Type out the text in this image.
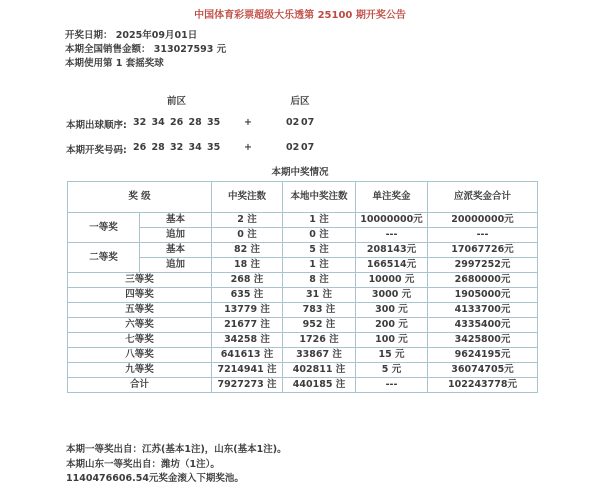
中国体育彩票超级大乐透第 25100 期开奖公告
开奖日期： 2025年09月01日
本期全国销售金额： 313027593 元
本期使用第 1 套摇奖球
前区	后区
本期出球顺序: 32 34 26 28 35	+	02 07
本期开奖号码: 26 28 32 34 35	+	02 07
本期中奖情况
奖 级		中奖注数	本地中奖注数	单注奖金	应派奖金合计
一等奖	基本	2 注	1 注	10000000元	20000000元
	追加	0 注	0 注	---	---
二等奖	基本	82 注	5 注	208143元	17067726元
	追加	18 注	1 注	166514元	2997252元
三等奖		268 注	8 注	10000 元	2680000元
四等奖		635 注	31 注	3000 元	1905000元
五等奖		13779 注	783 注	300 元	4133700元
六等奖		21677 注	952 注	200 元	4335400元
七等奖		34258 注	1726 注	100 元	3425800元
八等奖		641613 注	33867 注	15 元	9624195元
九等奖		7214941 注	402811 注	5 元	36074705元
合计		7927273 注	440185 注	---	102243778元
本期一等奖出自：江苏(基本1注)，山东(基本1注)。
本期山东一等奖出自：潍坊（1注）。
1140476606.54元奖金滚入下期奖池。
